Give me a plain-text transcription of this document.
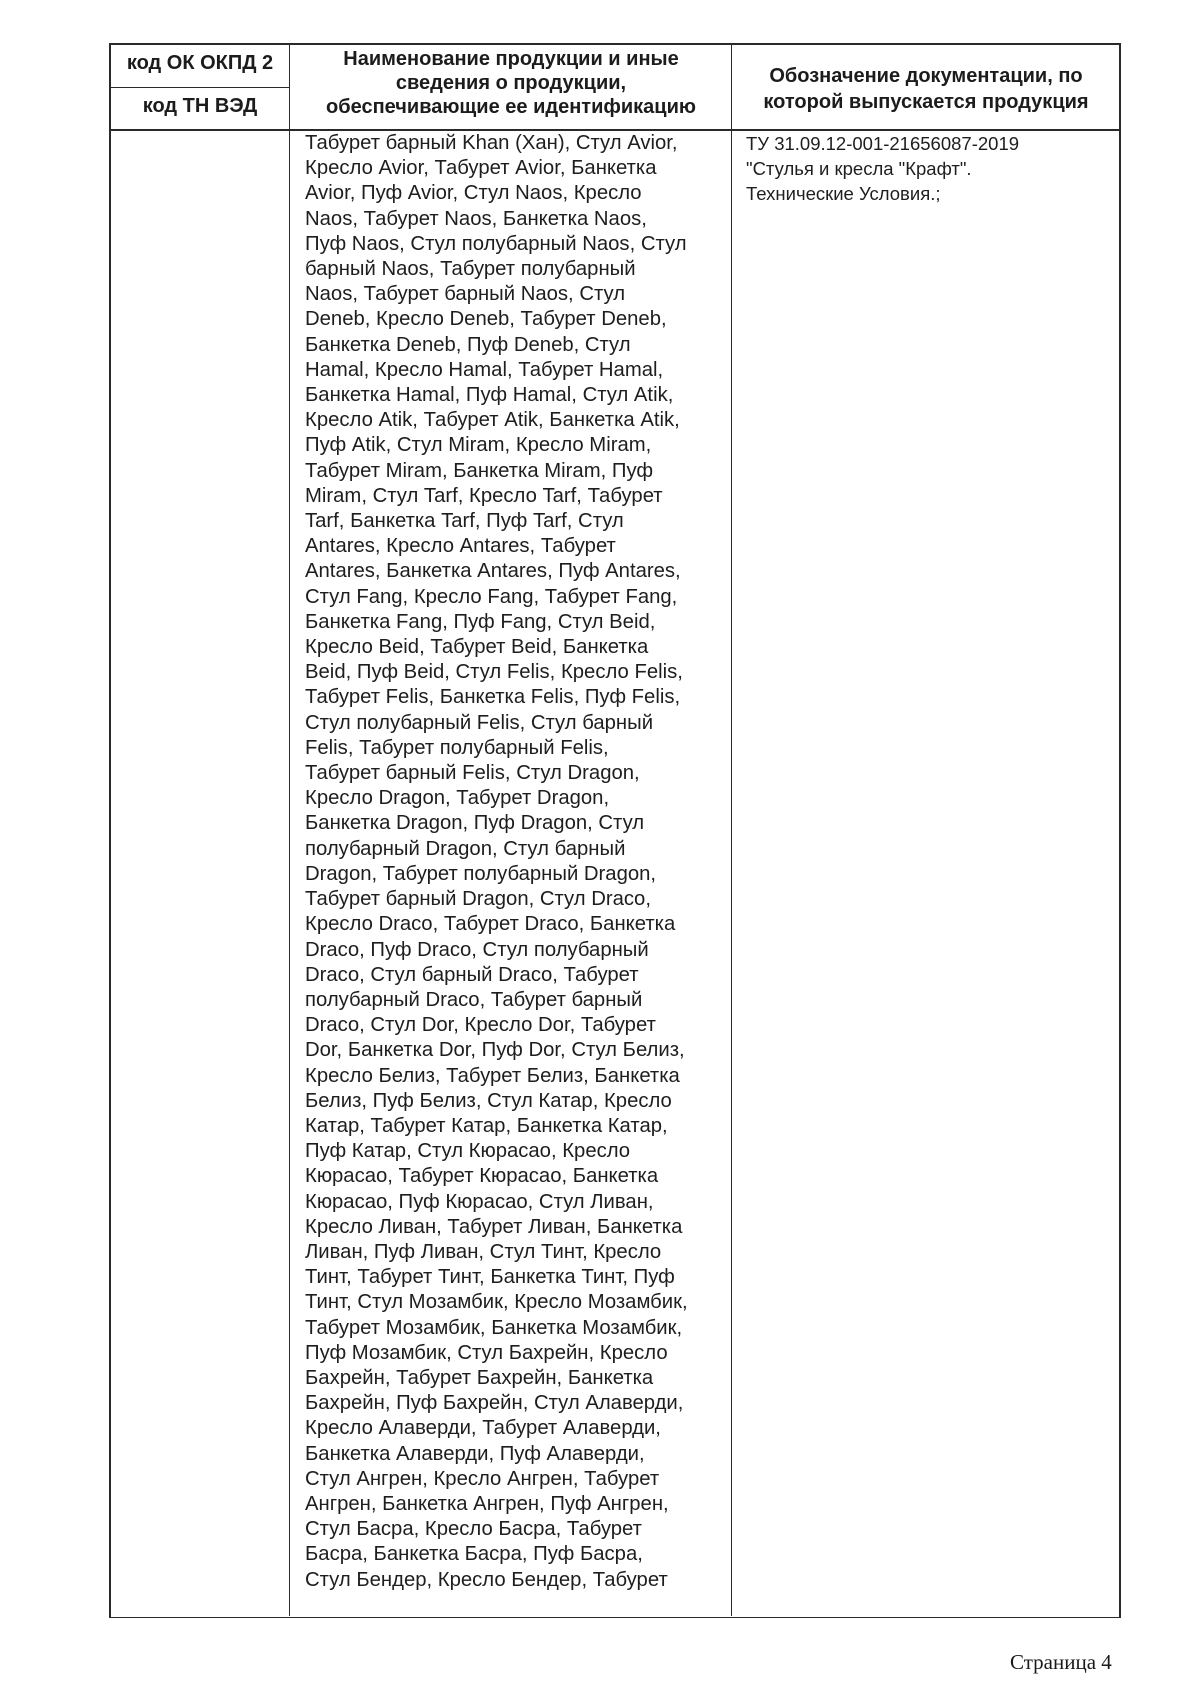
код ОК ОКПД 2
код ТН ВЭД
Наименование продукции и иные
сведения о продукции,
обеспечивающие ее идентификацию
Обозначение документации, по
которой выпускается продукция
Табурет барный Khan (Хан), Стул Avior,
Кресло Avior, Табурет Avior, Банкетка
Avior, Пуф Avior, Стул Naos, Кресло
Naos, Табурет Naos, Банкетка Naos,
Пуф Naos, Стул полубарный Naos, Стул
барный Naos, Табурет полубарный
Naos, Табурет барный Naos, Стул
Deneb, Кресло Deneb, Табурет Deneb,
Банкетка Deneb, Пуф Deneb, Стул
Hamal, Кресло Hamal, Табурет Hamal,
Банкетка Hamal, Пуф Hamal, Стул Atik,
Кресло Atik, Табурет Atik, Банкетка Atik,
Пуф Atik, Стул Miram, Кресло Miram,
Табурет Miram, Банкетка Miram, Пуф
Miram, Стул Tarf, Кресло Tarf, Табурет
Tarf, Банкетка Tarf, Пуф Tarf, Стул
Antares, Кресло Antares, Табурет
Antares, Банкетка Antares, Пуф Antares,
Стул Fang, Кресло Fang, Табурет Fang,
Банкетка Fang, Пуф Fang, Стул Beid,
Кресло Beid, Табурет Beid, Банкетка
Beid, Пуф Beid, Стул Felis, Кресло Felis,
Табурет Felis, Банкетка Felis, Пуф Felis,
Стул полубарный Felis, Стул барный
Felis, Табурет полубарный Felis,
Табурет барный Felis, Стул Dragon,
Кресло Dragon, Табурет Dragon,
Банкетка Dragon, Пуф Dragon, Стул
полубарный Dragon, Стул барный
Dragon, Табурет полубарный Dragon,
Табурет барный Dragon, Стул Draco,
Кресло Draco, Табурет Draco, Банкетка
Draco, Пуф Draco, Стул полубарный
Draco, Стул барный Draco, Табурет
полубарный Draco, Табурет барный
Draco, Стул Dor, Кресло Dor, Табурет
Dor, Банкетка Dor, Пуф Dor, Стул Белиз,
Кресло Белиз, Табурет Белиз, Банкетка
Белиз, Пуф Белиз, Стул Катар, Кресло
Катар, Табурет Катар, Банкетка Катар,
Пуф Катар, Стул Кюрасао, Кресло
Кюрасао, Табурет Кюрасао, Банкетка
Кюрасао, Пуф Кюрасао, Стул Ливан,
Кресло Ливан, Табурет Ливан, Банкетка
Ливан, Пуф Ливан, Стул Тинт, Кресло
Тинт, Табурет Тинт, Банкетка Тинт, Пуф
Тинт, Стул Мозамбик, Кресло Мозамбик,
Табурет Мозамбик, Банкетка Мозамбик,
Пуф Мозамбик, Стул Бахрейн, Кресло
Бахрейн, Табурет Бахрейн, Банкетка
Бахрейн, Пуф Бахрейн, Стул Алаверди,
Кресло Алаверди, Табурет Алаверди,
Банкетка Алаверди, Пуф Алаверди,
Стул Ангрен, Кресло Ангрен, Табурет
Ангрен, Банкетка Ангрен, Пуф Ангрен,
Стул Басра, Кресло Басра, Табурет
Басра, Банкетка Басра, Пуф Басра,
Стул Бендер, Кресло Бендер, Табурет
ТУ 31.09.12-001-21656087-2019
"Стулья и кресла "Крафт".
Технические Условия.;
Страница 4
